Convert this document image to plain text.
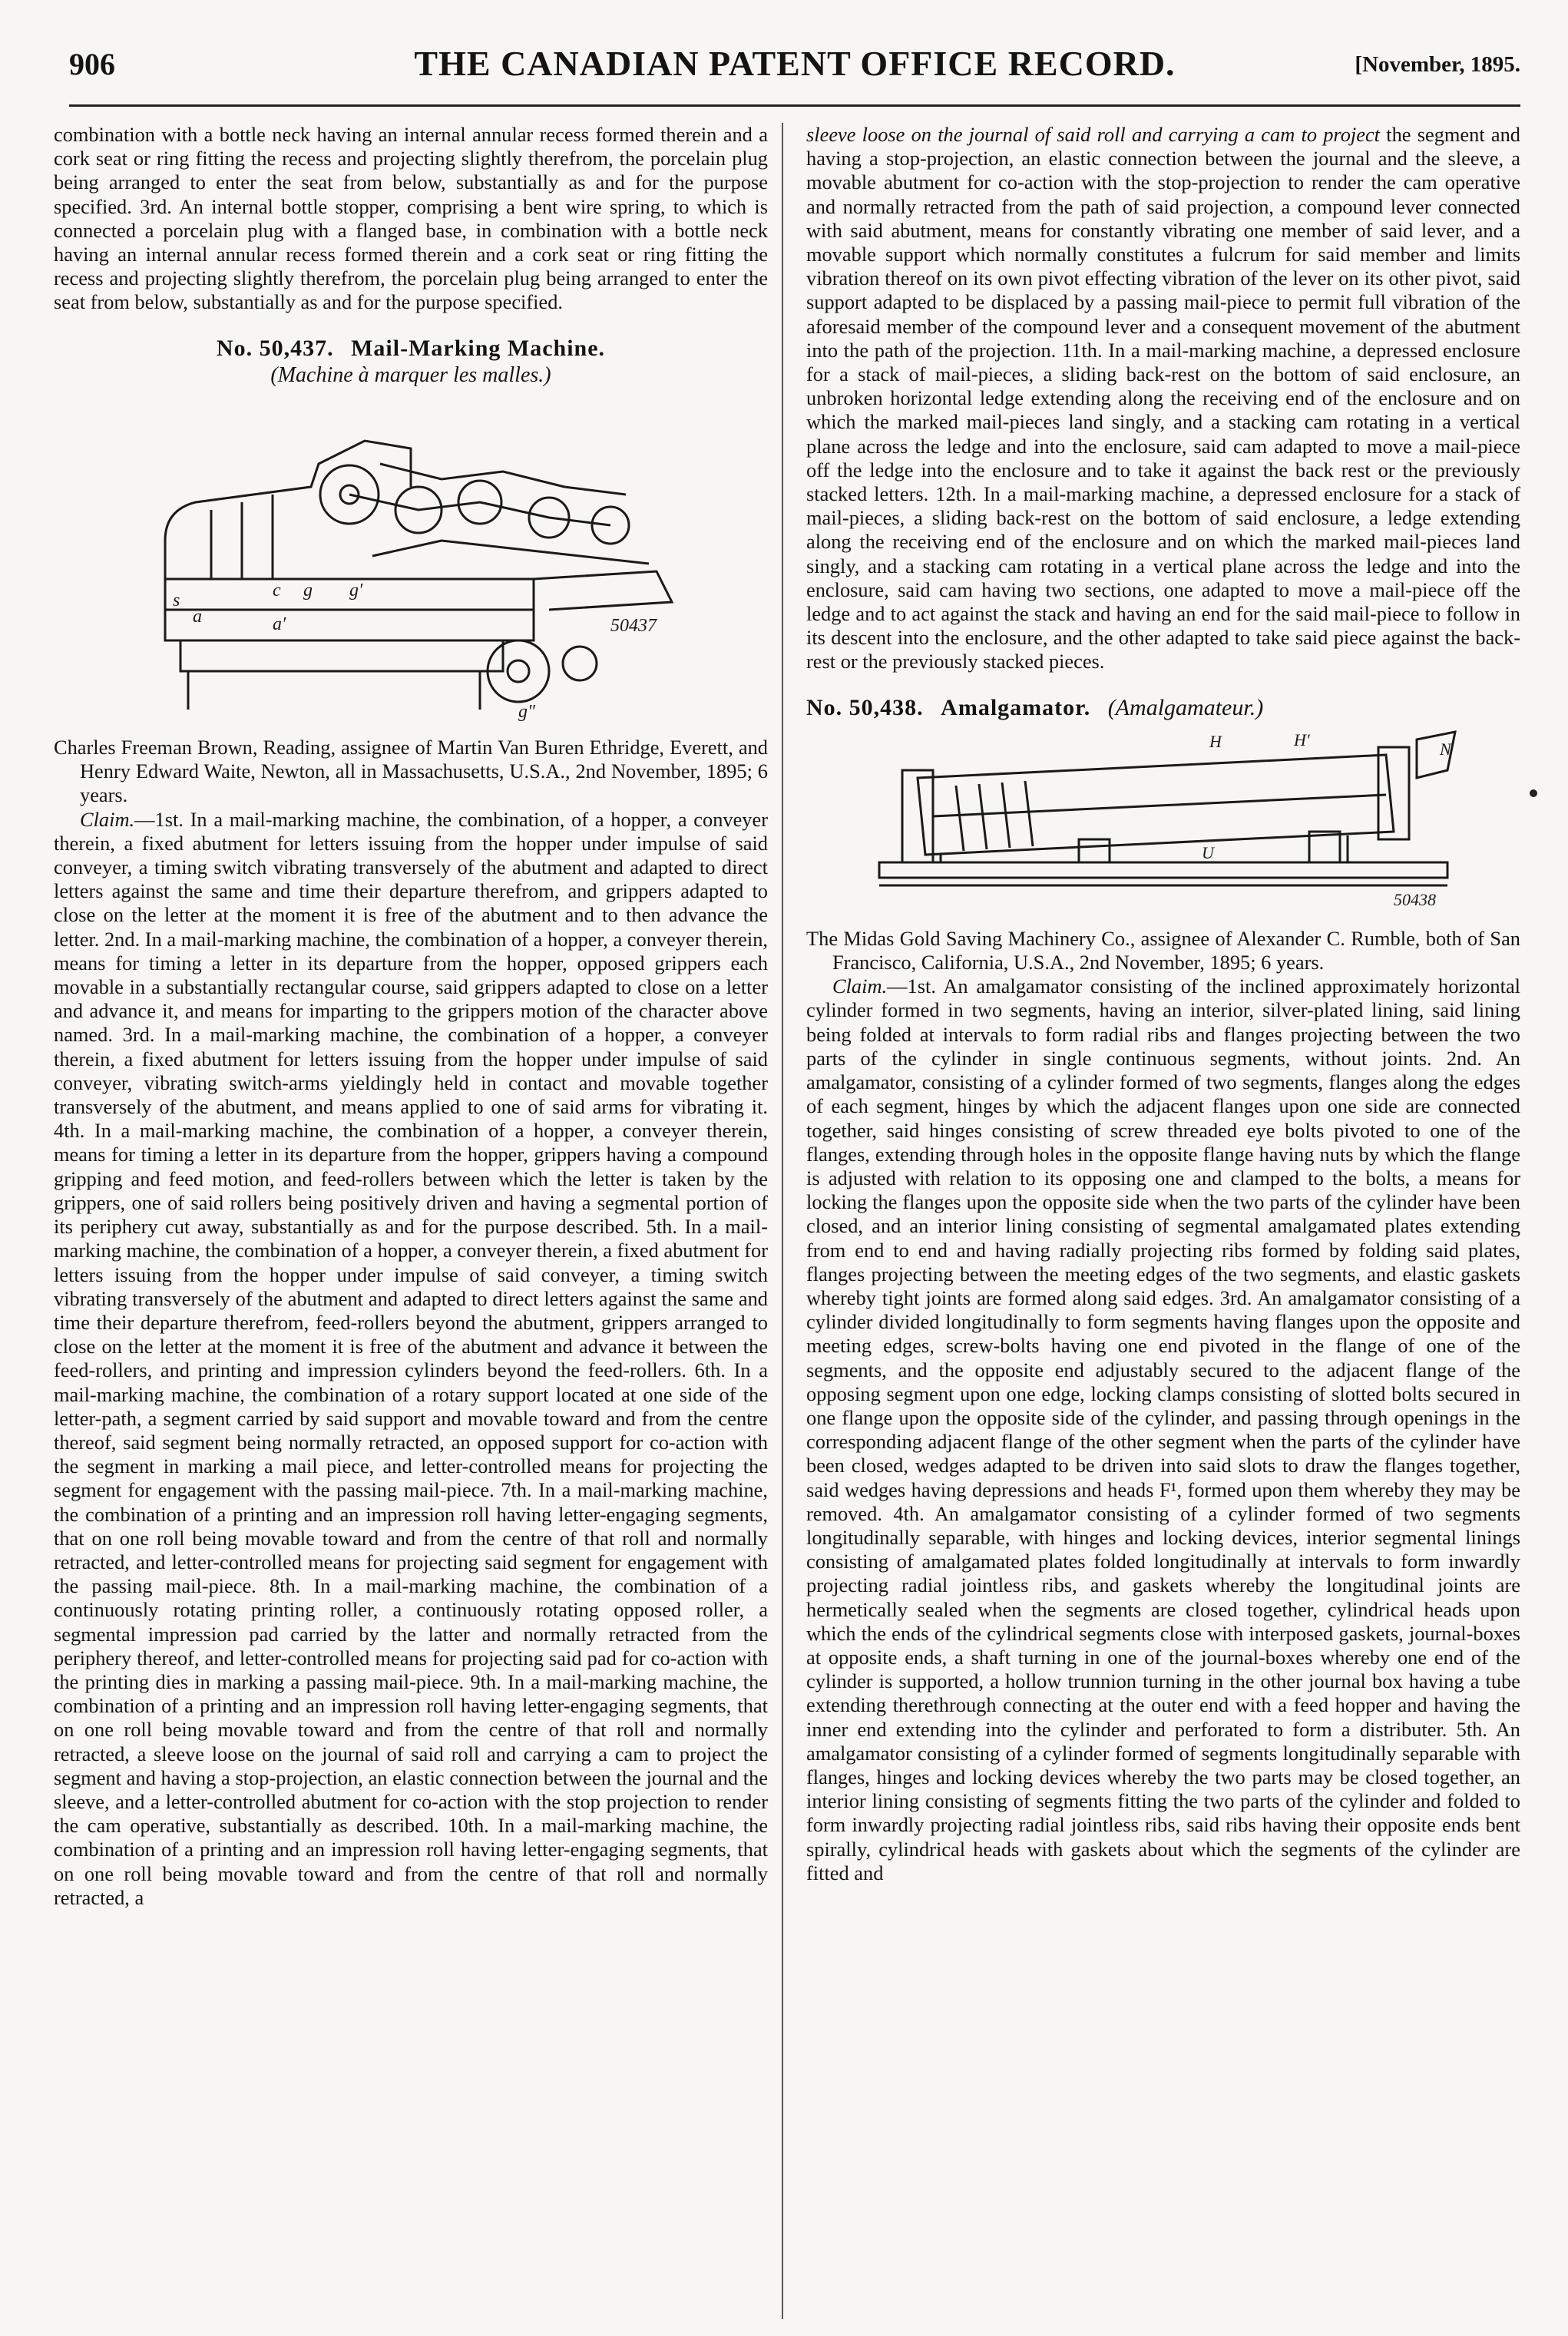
906	THE CANADIAN PATENT OFFICE RECORD.	[November, 1895.

combination with a bottle neck having an internal annular recess formed therein and a cork seat or ring fitting the recess and projecting slightly therefrom, the porcelain plug being arranged to enter the seat from below, substantially as and for the purpose specified. 3rd. An internal bottle stopper, comprising a bent wire spring, to which is connected a porcelain plug with a flanged base, in combination with a bottle neck having an internal annular recess formed therein and a cork seat or ring fitting the recess and projecting slightly therefrom, the porcelain plug being arranged to enter the seat from below, substantially as and for the purpose specified.

No. 50,437. Mail-Marking Machine.
(Machine à marquer les malles.)
a	a′
g g′
g″
s	c
50437

Charles Freeman Brown, Reading, assignee of Martin Van Buren Ethridge, Everett, and Henry Edward Waite, Newton, all in Massachusetts, U.S.A., 2nd November, 1895; 6 years.

Claim.—1st. In a mail-marking machine, the combination, of a hopper, a conveyer therein, a fixed abutment for letters issuing from the hopper under impulse of said conveyer, a timing switch vibrating transversely of the abutment and adapted to direct letters against the same and time their departure therefrom, and grippers adapted to close on the letter at the moment it is free of the abutment and to then advance the letter. 2nd. In a mail-marking machine, the combination of a hopper, a conveyer therein, means for timing a letter in its departure from the hopper, opposed grippers each movable in a substantially rectangular course, said grippers adapted to close on a letter and advance it, and means for imparting to the grippers motion of the character above named. 3rd. In a mail-marking machine, the combination of a hopper, a conveyer therein, a fixed abutment for letters issuing from the hopper under impulse of said conveyer, vibrating switch-arms yieldingly held in contact and movable together transversely of the abutment, and means applied to one of said arms for vibrating it. 4th. In a mail-marking machine, the combination of a hopper, a conveyer therein, means for timing a letter in its departure from the hopper, grippers having a compound gripping and feed motion, and feed-rollers between which the letter is taken by the grippers, one of said rollers being positively driven and having a segmental portion of its periphery cut away, substantially as and for the purpose described. 5th. In a mail-marking machine, the combination of a hopper, a conveyer therein, a fixed abutment for letters issuing from the hopper under impulse of said conveyer, a timing switch vibrating transversely of the abutment and adapted to direct letters against the same and time their departure therefrom, feed-rollers beyond the abutment, grippers arranged to close on the letter at the moment it is free of the abutment and advance it between the feed-rollers, and printing and impression cylinders beyond the feed-rollers. 6th. In a mail-marking machine, the combination of a rotary support located at one side of the letter-path, a segment carried by said support and movable toward and from the centre thereof, said segment being normally retracted, an opposed support for co-action with the segment in marking a mail piece, and letter-controlled means for projecting the segment for engagement with the passing mail-piece. 7th. In a mail-marking machine, the combination of a printing and an impression roll having letter-engaging segments, that on one roll being movable toward and from the centre of that roll and normally retracted, and letter-controlled means for projecting said segment for engagement with the passing mail-piece. 8th. In a mail-marking machine, the combination of a continuously rotating printing roller, a continuously rotating opposed roller, a segmental impression pad carried by the latter and normally retracted from the periphery thereof, and letter-controlled means for projecting said pad for co-action with the printing dies in marking a passing mail-piece. 9th. In a mail-marking machine, the combination of a printing and an impression roll having letter-engaging segments, that on one roll being movable toward and from the centre of that roll and normally retracted, a sleeve loose on the journal of said roll and carrying a cam to project the segment and having a stop-projection, an elastic connection between the journal and the sleeve, and a letter-controlled abutment for co-action with the stop projection to render the cam operative, substantially as described. 10th. In a mail-marking machine, the combination of a printing and an impression roll having letter-engaging segments, that on one roll being movable toward and from the centre of that roll and normally retracted, a

sleeve loose on the journal of said roll and carrying a cam to project the segment and having a stop-projection, an elastic connection between the journal and the sleeve, a movable abutment for co-action with the stop-projection to render the cam operative and normally retracted from the path of said projection, a compound lever connected with said abutment, means for constantly vibrating one member of said lever, and a movable support which normally constitutes a fulcrum for said member and limits vibration thereof on its own pivot effecting vibration of the lever on its other pivot, said support adapted to be displaced by a passing mail-piece to permit full vibration of the aforesaid member of the compound lever and a consequent movement of the abutment into the path of the projection. 11th. In a mail-marking machine, a depressed enclosure for a stack of mail-pieces, a sliding back-rest on the bottom of said enclosure, an unbroken horizontal ledge extending along the receiving end of the enclosure and on which the marked mail-pieces land singly, and a stacking cam rotating in a vertical plane across the ledge and into the enclosure, said cam adapted to move a mail-piece off the ledge into the enclosure and to take it against the back rest or the previously stacked letters. 12th. In a mail-marking machine, a depressed enclosure for a stack of mail-pieces, a sliding back-rest on the bottom of said enclosure, a ledge extending along the receiving end of the enclosure and on which the marked mail-pieces land singly, and a stacking cam rotating in a vertical plane across the ledge and into the enclosure, said cam having two sections, one adapted to move a mail-piece off the ledge and to act against the stack and having an end for the said mail-piece to follow in its descent into the enclosure, and the other adapted to take said piece against the back-rest or the previously stacked pieces.

No. 50,438. Amalgamator. (Amalgamateur.)
H′
H
U
N
50438

The Midas Gold Saving Machinery Co., assignee of Alexander C. Rumble, both of San Francisco, California, U.S.A., 2nd November, 1895; 6 years.

Claim.—1st. An amalgamator consisting of the inclined approximately horizontal cylinder formed in two segments, having an interior, silver-plated lining, said lining being folded at intervals to form radial ribs and flanges projecting between the two parts of the cylinder in single continuous segments, without joints. 2nd. An amalgamator, consisting of a cylinder formed of two segments, flanges along the edges of each segment, hinges by which the adjacent flanges upon one side are connected together, said hinges consisting of screw threaded eye bolts pivoted to one of the flanges, extending through holes in the opposite flange having nuts by which the flange is adjusted with relation to its opposing one and clamped to the bolts, a means for locking the flanges upon the opposite side when the two parts of the cylinder have been closed, and an interior lining consisting of segmental amalgamated plates extending from end to end and having radially projecting ribs formed by folding said plates, flanges projecting between the meeting edges of the two segments, and elastic gaskets whereby tight joints are formed along said edges. 3rd. An amalgamator consisting of a cylinder divided longitudinally to form segments having flanges upon the opposite and meeting edges, screw-bolts having one end pivoted in the flange of one of the segments, and the opposite end adjustably secured to the adjacent flange of the opposing segment upon one edge, locking clamps consisting of slotted bolts secured in one flange upon the opposite side of the cylinder, and passing through openings in the corresponding adjacent flange of the other segment when the parts of the cylinder have been closed, wedges adapted to be driven into said slots to draw the flanges together, said wedges having depressions and heads F¹, formed upon them whereby they may be removed. 4th. An amalgamator consisting of a cylinder formed of two segments longitudinally separable, with hinges and locking devices, interior segmental linings consisting of amalgamated plates folded longitudinally at intervals to form inwardly projecting radial jointless ribs, and gaskets whereby the longitudinal joints are hermetically sealed when the segments are closed together, cylindrical heads upon which the ends of the cylindrical segments close with interposed gaskets, journal-boxes at opposite ends, a shaft turning in one of the journal-boxes whereby one end of the cylinder is supported, a hollow trunnion turning in the other journal box having a tube extending therethrough connecting at the outer end with a feed hopper and having the inner end extending into the cylinder and perforated to form a distributer. 5th. An amalgamator consisting of a cylinder formed of segments longitudinally separable with flanges, hinges and locking devices whereby the two parts may be closed together, an interior lining consisting of segments fitting the two parts of the cylinder and folded to form inwardly projecting radial jointless ribs, said ribs having their opposite ends bent spirally, cylindrical heads with gaskets about which the segments of the cylinder are fitted and
